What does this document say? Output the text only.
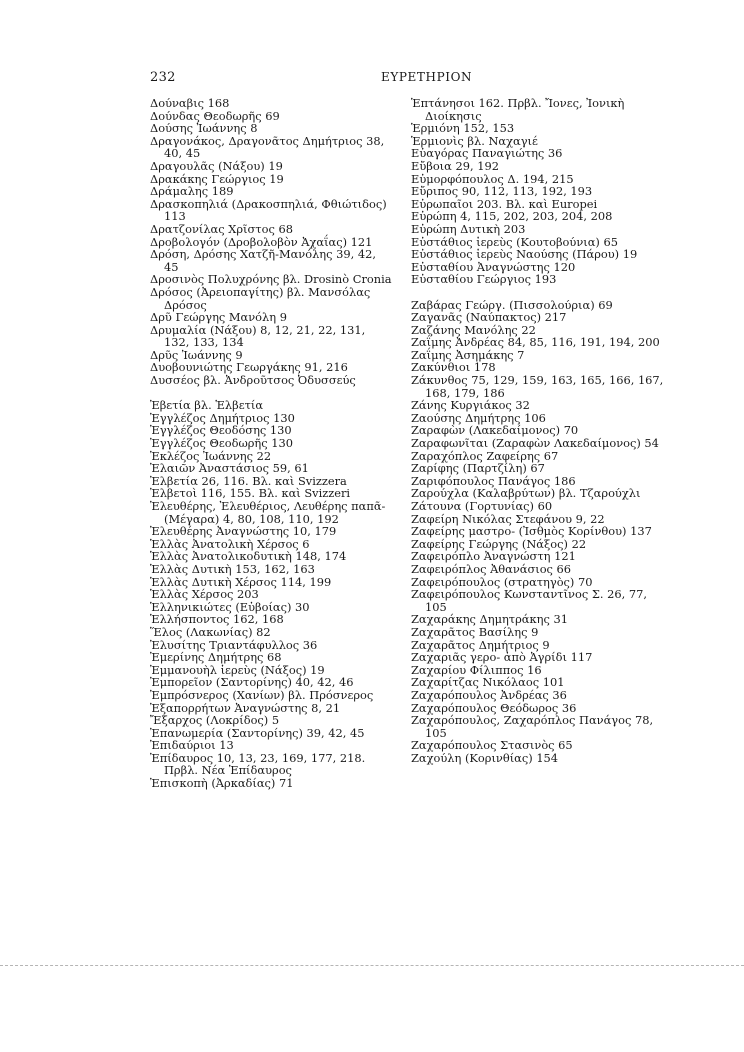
232	ΕΥΡΕΤΗΡΙΟΝ
Δούναβις 168
Δούνδας Θεοδωρῆς 69
Δούσης Ἰωάννης 8
Δραγονάκος, Δραγονᾶτος Δημήτριος 38, 40, 45
Δραγουλᾶς (Νάξου) 19
Δρακάκης Γεώργιος 19
Δράμαλης 189
Δρασκοπηλιά (Δρακοσπηλιά, Φθιώτιδος) 113
Δρατζονίλας Χρῖστος 68
Δροβολογόν (Δροβολοβὸν Ἀχαΐας) 121
Δρόση, Δρόσης Χατζῆ-Μανόλης 39, 42, 45
Δροσινὸς Πολυχρόνης βλ. Drosinò Cronia
Δρόσος (Ἀρειοπαγίτης) βλ. Μανσόλας Δρόσος
Δρῦ Γεώργης Μανόλη 9
Δρυμαλία (Νάξου) 8, 12, 21, 22, 131, 132, 133, 134
Δρῦς Ἰωάννης 9
Δυοβουνιώτης Γεωργάκης 91, 216
Δυσσέος βλ. Ἀνδροῦτσος Ὀδυσσεύς
Ἐβετία βλ. Ἑλβετία
Ἐγγλέζος Δημήτριος 130
Ἐγγλέζος Θεοδόσης 130
Ἐγγλέζος Θεοδωρῆς 130
Ἐκλέζος Ἰωάννης 22
Ἐλαιῶν Ἀναστάσιος 59, 61
Ἐλβετία 26, 116. Βλ. καὶ Svizzera
Ἐλβετοὶ 116, 155. Βλ. καὶ Svizzeri
Ἐλευθέρης, Ἐλευθέριος, Λευθέρης παπᾶ-(Μέγαρα) 4, 80, 108, 110, 192
Ἐλευθέρης Ἀναγνώστης 10, 179
Ἑλλὰς Ἀνατολικὴ Χέρσος 6
Ἑλλὰς Ἀνατολικοδυτικὴ 148, 174
Ἑλλὰς Δυτικὴ 153, 162, 163
Ἑλλὰς Δυτικὴ Χέρσος 114, 199
Ἑλλὰς Χέρσος 203
Ἑλληνικιώτες (Εὐβοίας) 30
Ἑλλήσποντος 162, 168
Ἕλος (Λακωνίας) 82
Ἐλυσίτης Τριαντάφυλλος 36
Ἐμερίνης Δημήτρης 68
Ἐμμανουὴλ ἱερεὺς (Νάξος) 19
Ἐμπορεῖον (Σαντορίνης) 40, 42, 46
Ἐμπρόσνερος (Χανίων) βλ. Πρόσνερος
Ἐξαπορρήτων Ἀναγνώστης 8, 21
Ἔξαρχος (Λοκρίδος) 5
Ἐπανωμερία (Σαντορίνης) 39, 42, 45
Ἐπιδαύριοι 13
Ἐπίδαυρος 10, 13, 23, 169, 177, 218. Πρβλ. Νέα Ἐπίδαυρος
Ἐπισκοπὴ (Ἀρκαδίας) 71
Ἑπτάνησοι 162. Πρβλ. Ἴονες, Ἰονικὴ Διοίκησις
Ἑρμιόνη 152, 153
Ἑρμιονὶς βλ. Ναχαγιέ
Εὐαγόρας Παναγιώτης 36
Εὔβοια 29, 192
Εὐμορφόπουλος Δ. 194, 215
Εὔριπος 90, 112, 113, 192, 193
Εὐρωπαῖοι 203. Βλ. καὶ Europei
Εὐρώπη 4, 115, 202, 203, 204, 208
Εὐρώπη Δυτικὴ 203
Εὐστάθιος ἱερεὺς (Κουτοβούνια) 65
Εὐστάθιος ἱερεὺς Ναούσης (Πάρου) 19
Εὐσταθίου Ἀναγνώστης 120
Εὐσταθίου Γεώργιος 193
Ζαβάρας Γεώργ. (Πισσολούρια) 69
Ζαγανᾶς (Ναύπακτος) 217
Ζαζάνης Μανόλης 22
Ζαΐμης Ἀνδρέας 84, 85, 116, 191, 194, 200
Ζαΐμης Ἀσημάκης 7
Ζακύνθιοι 178
Ζάκυνθος 75, 129, 159, 163, 165, 166, 167, 168, 179, 186
Ζάνης Κυργιάκος 32
Ζαούσης Δημήτρης 106
Ζαραφὼν (Λακεδαίμονος) 70
Ζαραφωνῖται (Ζαραφὼν Λακεδαίμονος) 54
Ζαραχόπλος Ζαφείρης 67
Ζαρίφης (Παρτζίλη) 67
Ζαριφόπουλος Πανάγος 186
Ζαρούχλα (Καλαβρύτων) βλ. Τζαρούχλι
Ζάτουνα (Γορτυνίας) 60
Ζαφείρη Νικόλας Στεφάνου 9, 22
Ζαφείρης μαστρο- (Ἰσθμὸς Κορίνθου) 137
Ζαφείρης Γεώργης (Νάξος) 22
Ζαφειρόπλο Ἀναγνώστη 121
Ζαφειρόπλος Ἀθανάσιος 66
Ζαφειρόπουλος (στρατηγὸς) 70
Ζαφειρόπουλος Κωνσταντῖνος Σ. 26, 77, 105
Ζαχαράκης Δημητράκης 31
Ζαχαρᾶτος Βασίλης 9
Ζαχαρᾶτος Δημήτριος 9
Ζαχαριᾶς γερο- ἀπὸ Ἀγρίδι 117
Ζαχαρίου Φίλιππος 16
Ζαχαρίτζας Νικόλαος 101
Ζαχαρόπουλος Ἀνδρέας 36
Ζαχαρόπουλος Θεόδωρος 36
Ζαχαρόπουλος, Ζαχαρόπλος Πανάγος 78, 105
Ζαχαρόπουλος Στασινὸς 65
Ζαχούλη (Κορινθίας) 154
